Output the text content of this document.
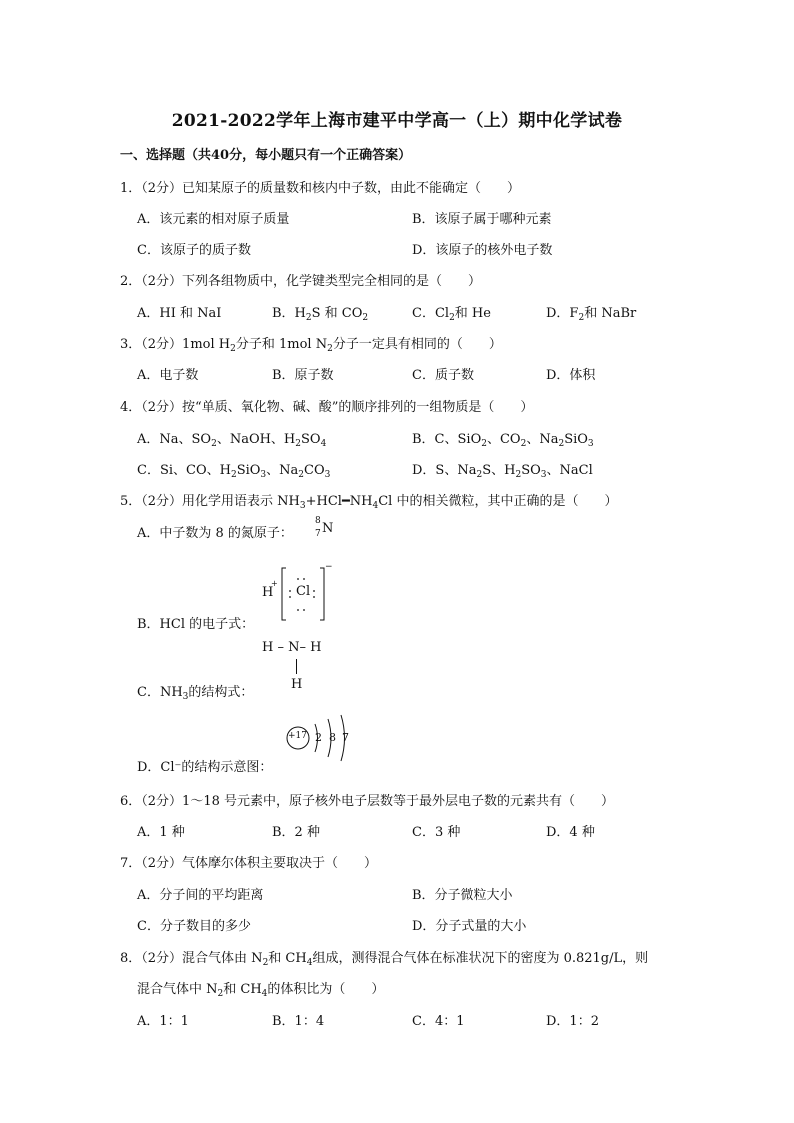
2021-2022学年上海市建平中学高一（上）期中化学试卷
一、选择题（共40分，每小题只有一个正确答案）
1．（2分）已知某原子的质量数和核内中子数，由此不能确定（　　）
A．该元素的相对原子质量	B．该原子属于哪种元素
C．该原子的质子数	D．该原子的核外电子数
2．（2分）下列各组物质中，化学键类型完全相同的是（　　）
A．HI 和 NaI	B．$H_2S$ 和 $CO_2$	C．$Cl_2$和 He	D．$F_2$和 NaBr
3．（2分）1mol $H_2$分子和 1mol $N_2$分子一定具有相同的（　　）
A．电子数	B．原子数	C．质子数	D．体积
4．（2分）按“单质、氧化物、碱、酸”的顺序排列的一组物质是（　　）
A．Na、$SO_2$、NaOH、$H_2SO_4$	B．C、SiO$_2$、$CO_2$、$Na_2SiO_3$
C．Si、CO、$H_2SiO_3$、$Na_2CO_3$	D．S、$Na_2S$、$H_2SO_3$、NaCl
5．（2分）用化学用语表示 $NH_3+HCl━NH_4Cl$ 中的相关微粒，其中正确的是（　　）
A．中子数为 8 的氮原子：
8
7 N
B．HCl 的电子式：
H
+
Cl
−
C．$NH_3$的结构式：
H – N– H
H
D．Cl⁻的结构示意图：
+17 2 8 7
6．（2分）1～18 号元素中，原子核外电子层数等于最外层电子数的元素共有（　　）
A．1 种	B．2 种	C．3 种	D．4 种
7．（2分）气体摩尔体积主要取决于（　　）
A．分子间的平均距离	B．分子微粒大小
C．分子数目的多少	D．分子式量的大小
8．（2分）混合气体由 $N_2$和 $CH_4$组成，测得混合气体在标准状况下的密度为 0.821g/L，则
混合气体中 $N_2$和 $CH_4$的体积比为（　　）
A．1：1	B．1：4	C．4：1	D．1：2
